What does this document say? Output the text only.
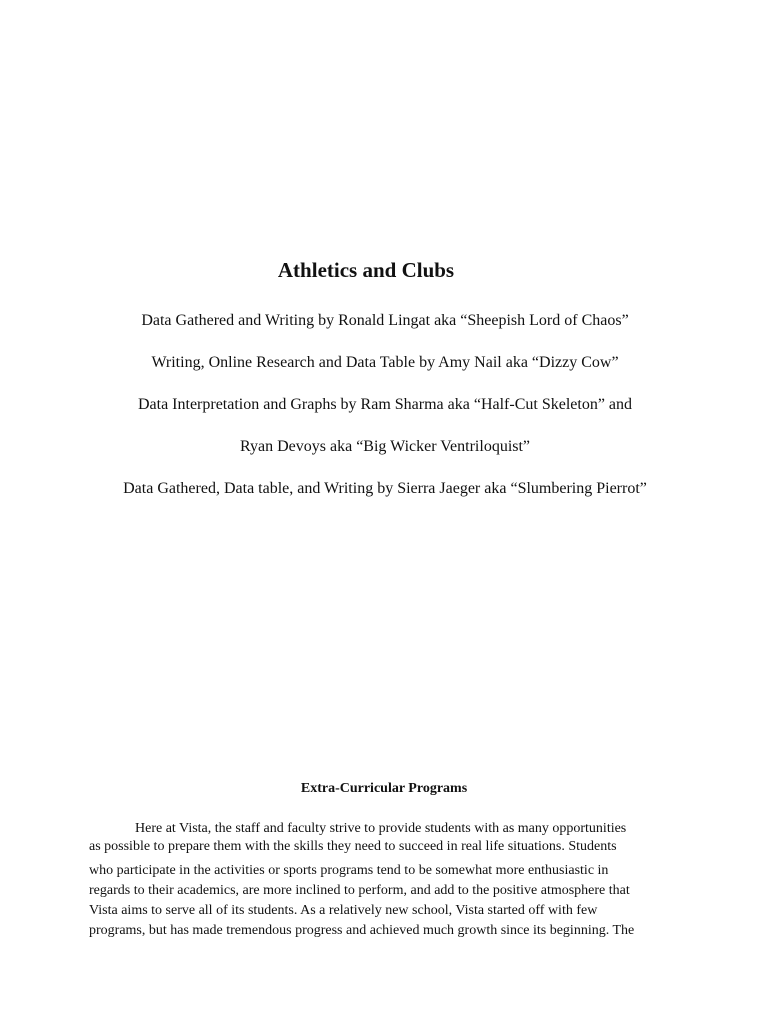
Athletics and Clubs
Data Gathered and Writing by Ronald Lingat aka “Sheepish Lord of Chaos”
Writing, Online Research and Data Table by Amy Nail aka “Dizzy Cow”
Data Interpretation and Graphs by Ram Sharma aka “Half-Cut Skeleton” and
Ryan Devoys aka “Big Wicker Ventriloquist”
Data Gathered, Data table, and Writing by Sierra Jaeger aka “Slumbering Pierrot”
Extra-Curricular Programs
Here at Vista, the staff and faculty strive to provide students with as many opportunities
as possible to prepare them with the skills they need to succeed in real life situations. Students
who participate in the activities or sports programs tend to be somewhat more enthusiastic in
regards to their academics, are more inclined to perform, and add to the positive atmosphere that
Vista aims to serve all of its students. As a relatively new school, Vista started off with few
programs, but has made tremendous progress and achieved much growth since its beginning. The
